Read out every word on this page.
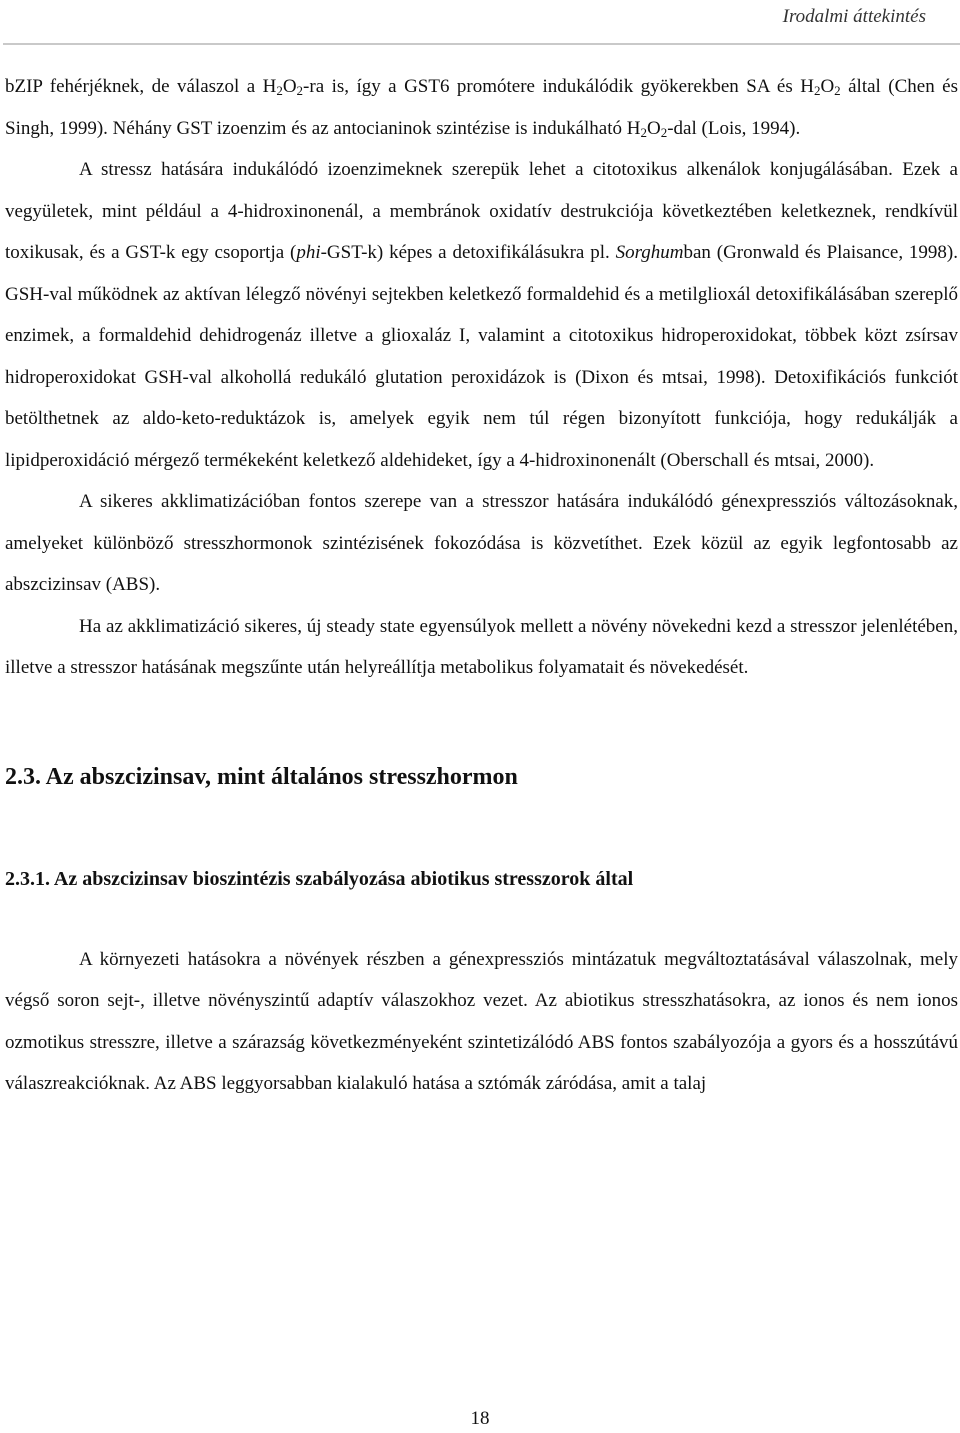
Irodalmi áttekintés

bZIP fehérjéknek, de válaszol a $H_2O_2-ra$ is, így a GST6 promótere indukálódik gyökerekben SA és $H_2O_2$ által (Chen és Singh, 1999). Néhány GST izoenzim és az antocianinok szintézise is indukálható $H_2O_2$-dal (Lois, 1994).

A stressz hatására indukálódó izoenzimeknek szerepük lehet a citotoxikus alkenálok konjugálásában. Ezek a vegyületek, mint például a 4-hidroxinonenál, a membránok oxidatív destrukciója következtében keletkeznek, rendkívül toxikusak, és a GST-k egy csoportja (phi-GST-k) képes a detoxifikálásukra pl. Sorghumban (Gronwald és Plaisance, 1998). GSH-val működnek az aktívan lélegző növényi sejtekben keletkező formaldehid és a metilglioxál detoxifikálásában szereplő enzimek, a formaldehid dehidrogenáz illetve a glioxaláz I, valamint a citotoxikus hidroperoxidokat, többek közt zsírsav hidroperoxidokat GSH-val alkohollá redukáló glutation peroxidázok is (Dixon és mtsai, 1998). Detoxifikációs funkciót betölthetnek az aldo-keto-reduktázok is, amelyek egyik nem túl régen bizonyított funkciója, hogy redukálják a lipidperoxidáció mérgező termékeként keletkező aldehideket, így a 4-hidroxinonenált (Oberschall és mtsai, 2000).

A sikeres akklimatizációban fontos szerepe van a stresszor hatására indukálódó génexpressziós változásoknak, amelyeket különböző stresszhormonok szintézisének fokozódása is közvetíthet. Ezek közül az egyik legfontosabb az abszcizinsav (ABS).

Ha az akklimatizáció sikeres, új steady state egyensúlyok mellett a növény növekedni kezd a stresszor jelenlétében, illetve a stresszor hatásának megszűnte után helyreállítja metabolikus folyamatait és növekedését.

2.3. Az abszcizinsav, mint általános stresszhormon
2.3.1. Az abszcizinsav bioszintézis szabályozása abiotikus stresszorok által

A környezeti hatásokra a növények részben a génexpressziós mintázatuk megváltoztatásával válaszolnak, mely végső soron sejt-, illetve növényszintű adaptív válaszokhoz vezet. Az abiotikus stresszhatásokra, az ionos és nem ionos ozmotikus stresszre, illetve a szárazság következményeként szintetizálódó ABS fontos szabályozója a gyors és a hosszútávú válaszreakcióknak. Az ABS leggyorsabban kialakuló hatása a sztómák záródása, amit a talaj

18
